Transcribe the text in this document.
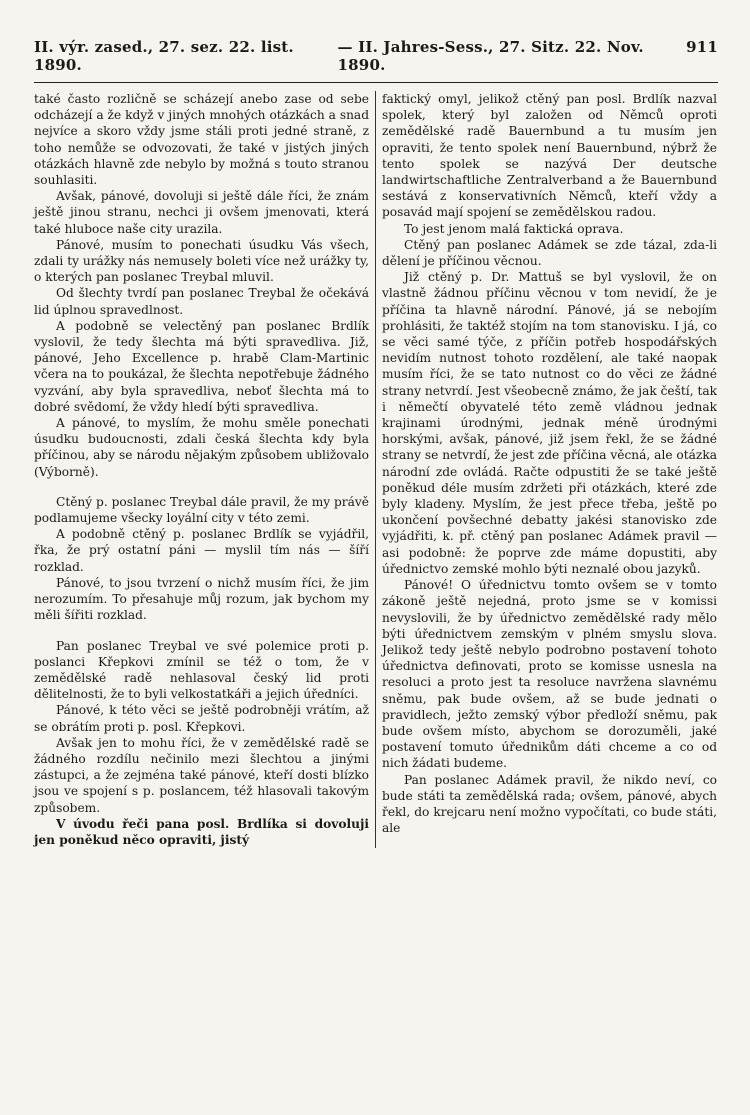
II. výr. zased., 27. sez. 22. list. 1890.
— II. Jahres-Sess., 27. Sitz. 22. Nov. 1890.
911

také často rozličně se scházejí anebo zase od sebe odcházejí a že když v jiných mnohých otázkách a snad nejvíce a skoro vždy jsme stáli proti jedné straně, z toho nemůže se odvozovati, že také v jistých jiných otázkách hlavně zde nebylo by možná s touto stranou souhlasiti.

Avšak, pánové, dovoluji si ještě dále říci, že znám ještě jinou stranu, nechci ji ovšem jmenovati, která také hluboce naše city urazila.

Pánové, musím to ponechati úsudku Vás všech, zdali ty urážky nás nemusely boleti více než urážky ty, o kterých pan poslanec Treybal mluvil.

Od šlechty tvrdí pan poslanec Treybal že očekává lid úplnou spravedlnost.

A podobně se velectěný pan poslanec Brdlík vyslovil, že tedy šlechta má býti spravedliva. Již, pánové, Jeho Excellence p. hrabě Clam-Martinic včera na to poukázal, že šlechta nepotřebuje žádného vyzvání, aby byla spravedliva, neboť šlechta má to dobré svědomí, že vždy hledí býti spravedliva.

A pánové, to myslím, že mohu směle ponechati úsudku budoucnosti, zdali česká šlechta kdy byla příčinou, aby se národu nějakým způsobem ubližovalo (Výborně).

Ctěný p. poslanec Treybal dále pravil, že my právě podlamujeme všecky loyální city v této zemi.

A podobně ctěný p. poslanec Brdlík se vyjádřil, řka, že prý ostatní páni — myslil tím nás — šíří rozklad.

Pánové, to jsou tvrzení o nichž musím říci, že jim nerozumím. To přesahuje můj rozum, jak bychom my měli šířiti rozklad.

Pan poslanec Treybal ve své polemice proti p. poslanci Křepkovi zmínil se též o tom, že v zemědělské radě nehlasoval český lid proti dělitelnosti, že to byli velkostatkáři a jejich úředníci.

Pánové, k této věci se ještě podrobněji vrátím, až se obrátím proti p. posl. Křepkovi.

Avšak jen to mohu říci, že v zemědělské radě se žádného rozdílu nečinilo mezi šlechtou a jinými zástupci, a že zejména také pánové, kteří dosti blízko jsou ve spojení s p. poslancem, též hlasovali takovým způsobem.

V úvodu řeči pana posl. Brdlíka si dovoluji jen poněkud něco opraviti, jistý

faktický omyl, jelikož ctěný pan posl. Brdlík nazval spolek, který byl založen od Němců oproti zemědělské radě Bauernbund a tu musím jen opraviti, že tento spolek není Bauernbund, nýbrž že tento spolek se nazývá Der deutsche landwirtschaftliche Zentralverband a že Bauernbund sestává z konservativních Němců, kteří vždy a posavád mají spojení se zemědělskou radou.

To jest jenom malá faktická oprava.

Ctěný pan poslanec Adámek se zde tázal, zda-li dělení je příčinou věcnou.

Již ctěný p. Dr. Mattuš se byl vyslovil, že on vlastně žádnou příčinu věcnou v tom nevidí, že je příčina ta hlavně národní. Pánové, já se nebojím prohlásiti, že taktéž stojím na tom stanovisku. I já, co se věci samé týče, z příčin potřeb hospodářských nevidím nutnost tohoto rozdělení, ale také naopak musím říci, že se tato nutnost co do věci ze žádné strany netvrdí. Jest všeobecně známo, že jak čeští, tak i němečtí obyvatelé této země vládnou jednak krajinami úrodnými, jednak méně úrodnými horskými, avšak, pánové, již jsem řekl, že se žádné strany se netvrdí, že jest zde příčina věcná, ale otázka národní zde ovládá. Račte odpustiti že se také ještě poněkud déle musím zdržeti při otázkách, které zde byly kladeny. Myslím, že jest přece třeba, ještě po ukončení povšechné debatty jakési stanovisko zde vyjádřiti, k. př. ctěný pan poslanec Adámek pravil — asi podobně: že poprve zde máme dopustiti, aby úřednictvo zemské mohlo býti neznalé obou jazyků.

Pánové! O úřednictvu tomto ovšem se v tomto zákoně ještě nejedná, proto jsme se v komissi nevyslovili, že by úřednictvo zemědělské rady mělo býti úřednictvem zemským v plném smyslu slova. Jelikož tedy ještě nebylo podrobno postavení tohoto úřednictva definovati, proto se komisse usnesla na resoluci a proto jest ta resoluce navržena slavnému sněmu, pak bude ovšem, až se bude jednati o pravidlech, ježto zemský výbor předloží sněmu, pak bude ovšem místo, abychom se dorozuměli, jaké postavení tomuto úřednikům dáti chceme a co od nich žádati budeme.

Pan poslanec Adámek pravil, že nikdo neví, co bude státi ta zemědělská rada; ovšem, pánové, abych řekl, do krejcaru není možno vypočítati, co bude státi, ale
